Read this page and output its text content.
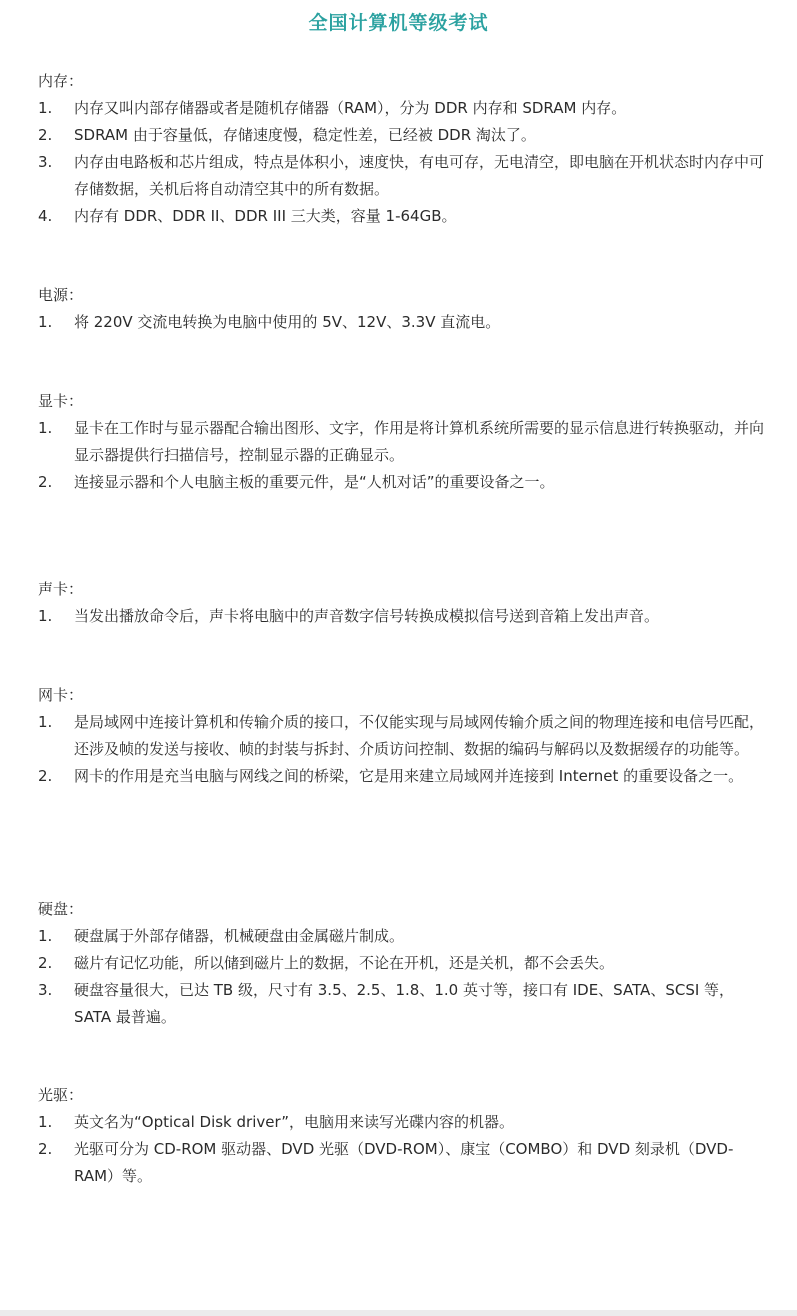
全国计算机等级考试
内存：
1. 内存又叫内部存储器或者是随机存储器（RAM），分为 DDR 内存和 SDRAM 内存。
2. SDRAM 由于容量低，存储速度慢，稳定性差，已经被 DDR 淘汰了。
3. 内存由电路板和芯片组成，特点是体积小，速度快，有电可存，无电清空，即电脑在开机状态时内存中可存储数据，关机后将自动清空其中的所有数据。
4. 内存有 DDR、DDR II、DDR III 三大类，容量 1-64GB。
电源：
1. 将 220V 交流电转换为电脑中使用的 5V、12V、3.3V 直流电。
显卡：
1. 显卡在工作时与显示器配合输出图形、文字，作用是将计算机系统所需要的显示信息进行转换驱动，并向显示器提供行扫描信号，控制显示器的正确显示。
2. 连接显示器和个人电脑主板的重要元件，是“人机对话”的重要设备之一。
声卡：
1. 当发出播放命令后，声卡将电脑中的声音数字信号转换成模拟信号送到音箱上发出声音。
网卡：
1. 是局域网中连接计算机和传输介质的接口，不仅能实现与局域网传输介质之间的物理连接和电信号匹配，还涉及帧的发送与接收、帧的封装与拆封、介质访问控制、数据的编码与解码以及数据缓存的功能等。
2. 网卡的作用是充当电脑与网线之间的桥梁，它是用来建立局域网并连接到 Internet 的重要设备之一。
硬盘：
1. 硬盘属于外部存储器，机械硬盘由金属磁片制成。
2. 磁片有记忆功能，所以储到磁片上的数据，不论在开机，还是关机，都不会丢失。
3. 硬盘容量很大，已达 TB 级，尺寸有 3.5、2.5、1.8、1.0 英寸等，接口有 IDE、SATA、SCSI 等，SATA 最普遍。
光驱：
1. 英文名为“Optical Disk driver”，电脑用来读写光碟内容的机器。
2. 光驱可分为 CD-ROM 驱动器、DVD 光驱（DVD-ROM）、康宝（COMBO）和 DVD 刻录机（DVD-RAM）等。
